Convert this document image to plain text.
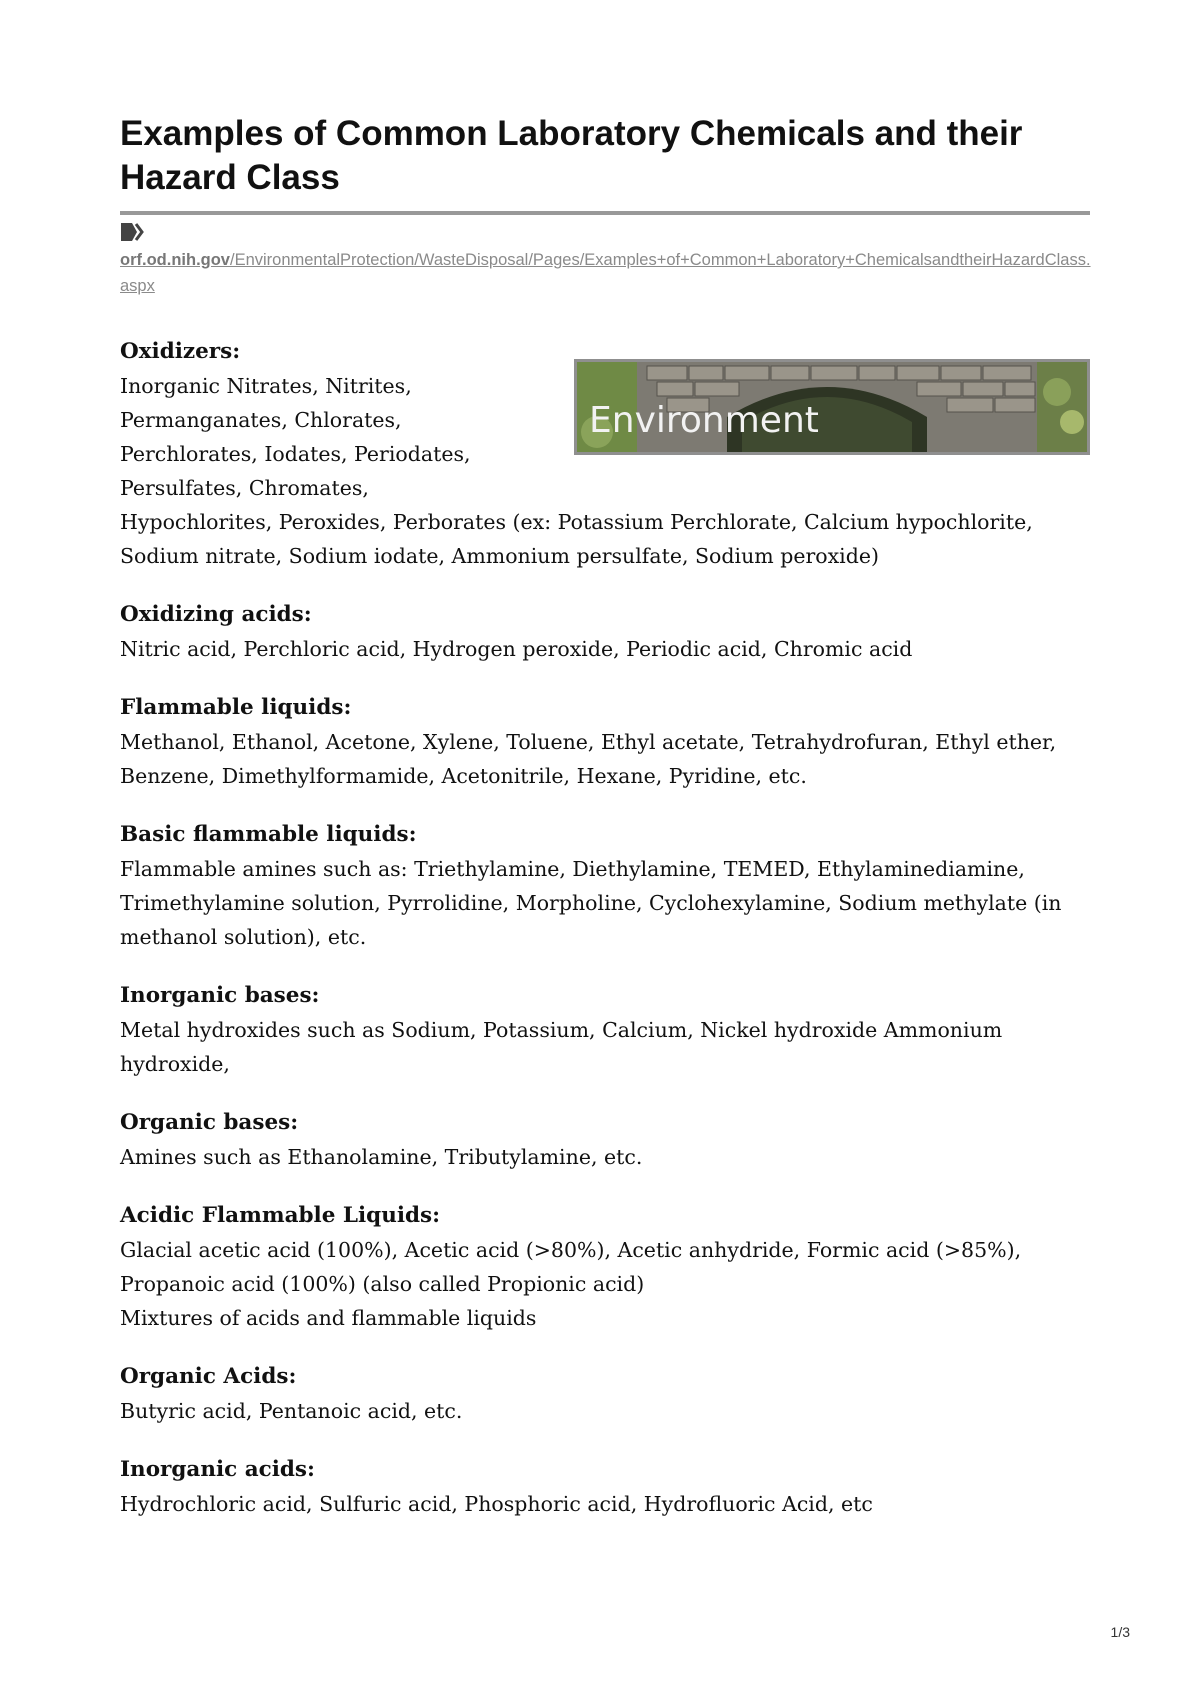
Examples of Common Laboratory Chemicals and their Hazard Class
orf.od.nih.gov/EnvironmentalProtection/WasteDisposal/Pages/Examples+of+Common+Laboratory+ChemicalsandtheirHazardClass.aspx
Environment
Oxidizers:
Inorganic Nitrates, Nitrites,
Permanganates, Chlorates,
Perchlorates, Iodates, Periodates,
Persulfates, Chromates,

Hypochlorites, Peroxides, Perborates (ex: Potassium Perchlorate, Calcium hypochlorite, Sodium nitrate, Sodium iodate, Ammonium persulfate, Sodium peroxide)

Oxidizing acids:

Nitric acid, Perchloric acid, Hydrogen peroxide, Periodic acid, Chromic acid

Flammable liquids:

Methanol, Ethanol, Acetone, Xylene, Toluene, Ethyl acetate, Tetrahydrofuran, Ethyl ether, Benzene, Dimethylformamide, Acetonitrile, Hexane, Pyridine, etc.

Basic flammable liquids:

Flammable amines such as: Triethylamine, Diethylamine, TEMED, Ethylaminediamine,

Trimethylamine solution, Pyrrolidine, Morpholine, Cyclohexylamine, Sodium methylate (in methanol solution), etc.

Inorganic bases:

Metal hydroxides such as Sodium, Potassium, Calcium, Nickel hydroxide Ammonium hydroxide,

Organic bases:

Amines such as Ethanolamine, Tributylamine, etc.

Acidic Flammable Liquids:

Glacial acetic acid (100%), Acetic acid (>80%), Acetic anhydride, Formic acid (>85%), Propanoic acid (100%) (also called Propionic acid)

Mixtures of acids and flammable liquids

Organic Acids:

Butyric acid, Pentanoic acid, etc.

Inorganic acids:

Hydrochloric acid, Sulfuric acid, Phosphoric acid, Hydrofluoric Acid, etc

1/3
